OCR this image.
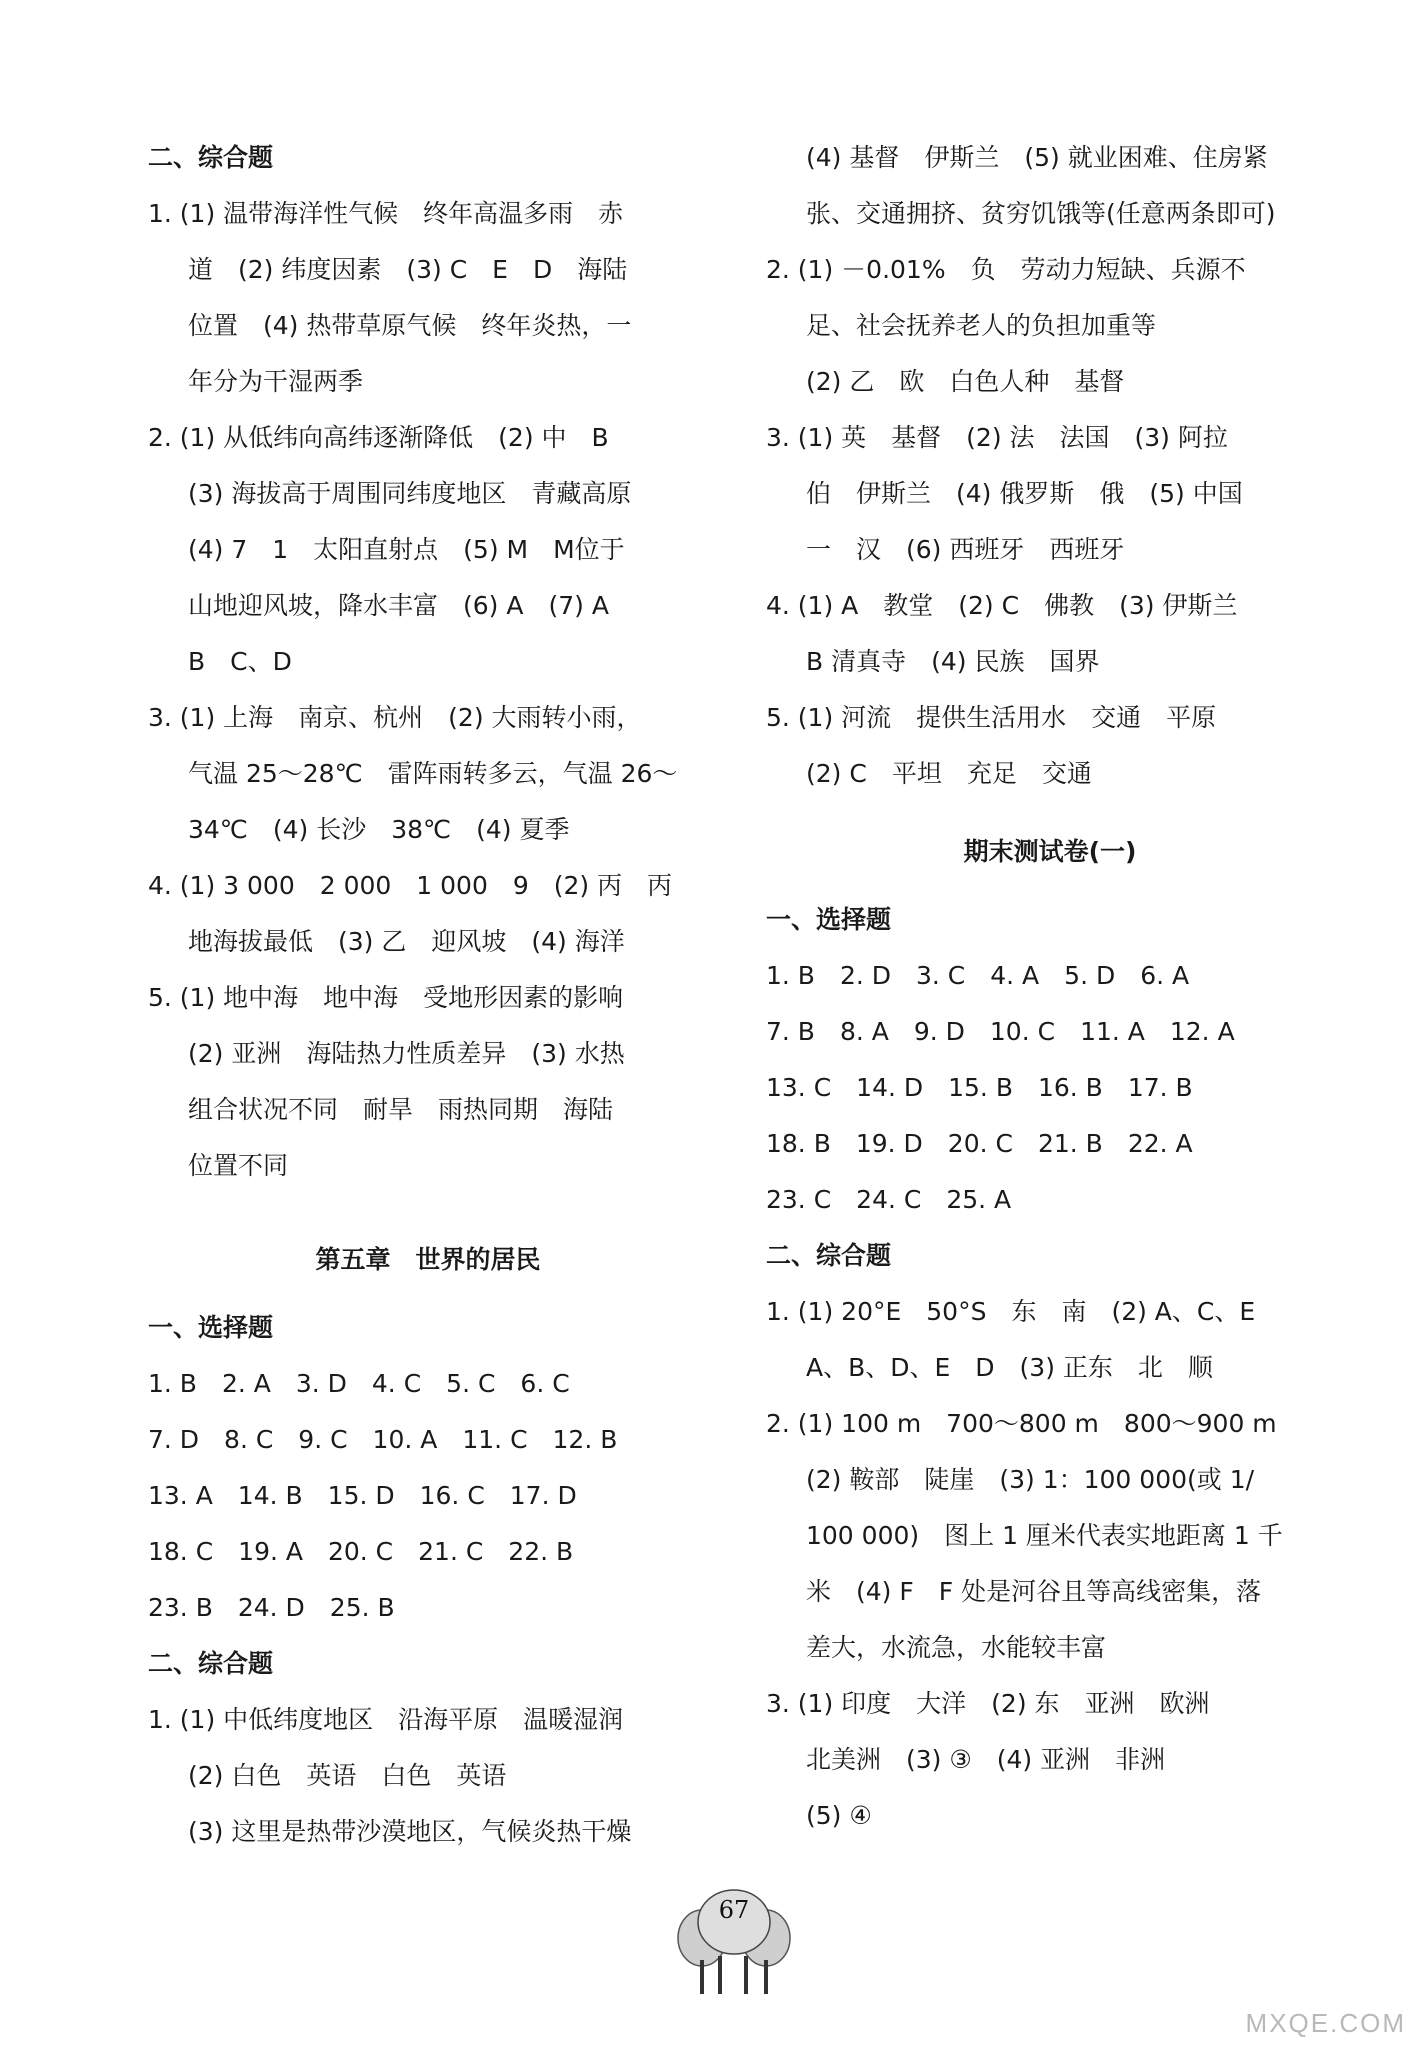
二、综合题
1. (1) 温带海洋性气候　终年高温多雨　赤
道　(2) 纬度因素　(3) C　E　D　海陆
位置　(4) 热带草原气候　终年炎热，一
年分为干湿两季
2. (1) 从低纬向高纬逐渐降低　(2) 中　B
(3) 海拔高于周围同纬度地区　青藏高原
(4) 7　1　太阳直射点　(5) M　M位于
山地迎风坡，降水丰富　(6) A　(7) A
B　C、D
3. (1) 上海　南京、杭州　(2) 大雨转小雨，
气温 25～28℃　雷阵雨转多云，气温 26～
34℃　(4) 长沙　38℃　(4) 夏季
4. (1) 3 000　2 000　1 000　9　(2) 丙　丙
地海拔最低　(3) 乙　迎风坡　(4) 海洋
5. (1) 地中海　地中海　受地形因素的影响
(2) 亚洲　海陆热力性质差异　(3) 水热
组合状况不同　耐旱　雨热同期　海陆
位置不同
第五章　世界的居民
一、选择题
1. B　2. A　3. D　4. C　5. C　6. C
7. D　8. C　9. C　10. A　11. C　12. B
13. A　14. B　15. D　16. C　17. D
18. C　19. A　20. C　21. C　22. B
23. B　24. D　25. B
二、综合题
1. (1) 中低纬度地区　沿海平原　温暖湿润
(2) 白色　英语　白色　英语
(3) 这里是热带沙漠地区，气候炎热干燥
(4) 基督　伊斯兰　(5) 就业困难、住房紧
张、交通拥挤、贫穷饥饿等(任意两条即可)
2. (1) －0.01%　负　劳动力短缺、兵源不
足、社会抚养老人的负担加重等
(2) 乙　欧　白色人种　基督
3. (1) 英　基督　(2) 法　法国　(3) 阿拉
伯　伊斯兰　(4) 俄罗斯　俄　(5) 中国
一　汉　(6) 西班牙　西班牙
4. (1) A　教堂　(2) C　佛教　(3) 伊斯兰
B 清真寺　(4) 民族　国界
5. (1) 河流　提供生活用水　交通　平原
(2) C　平坦　充足　交通
期末测试卷(一)
一、选择题
1. B　2. D　3. C　4. A　5. D　6. A
7. B　8. A　9. D　10. C　11. A　12. A
13. C　14. D　15. B　16. B　17. B
18. B　19. D　20. C　21. B　22. A
23. C　24. C　25. A
二、综合题
1. (1) 20°E　50°S　东　南　(2) A、C、E
A、B、D、E　D　(3) 正东　北　顺
2. (1) 100 m　700～800 m　800～900 m
(2) 鞍部　陡崖　(3) 1：100 000(或 1/
100 000)　图上 1 厘米代表实地距离 1 千
米　(4) F　F 处是河谷且等高线密集，落
差大，水流急，水能较丰富
3. (1) 印度　大洋　(2) 东　亚洲　欧洲
北美洲　(3) ③　(4) 亚洲　非洲
(5) ④
67
MXQE.COM
